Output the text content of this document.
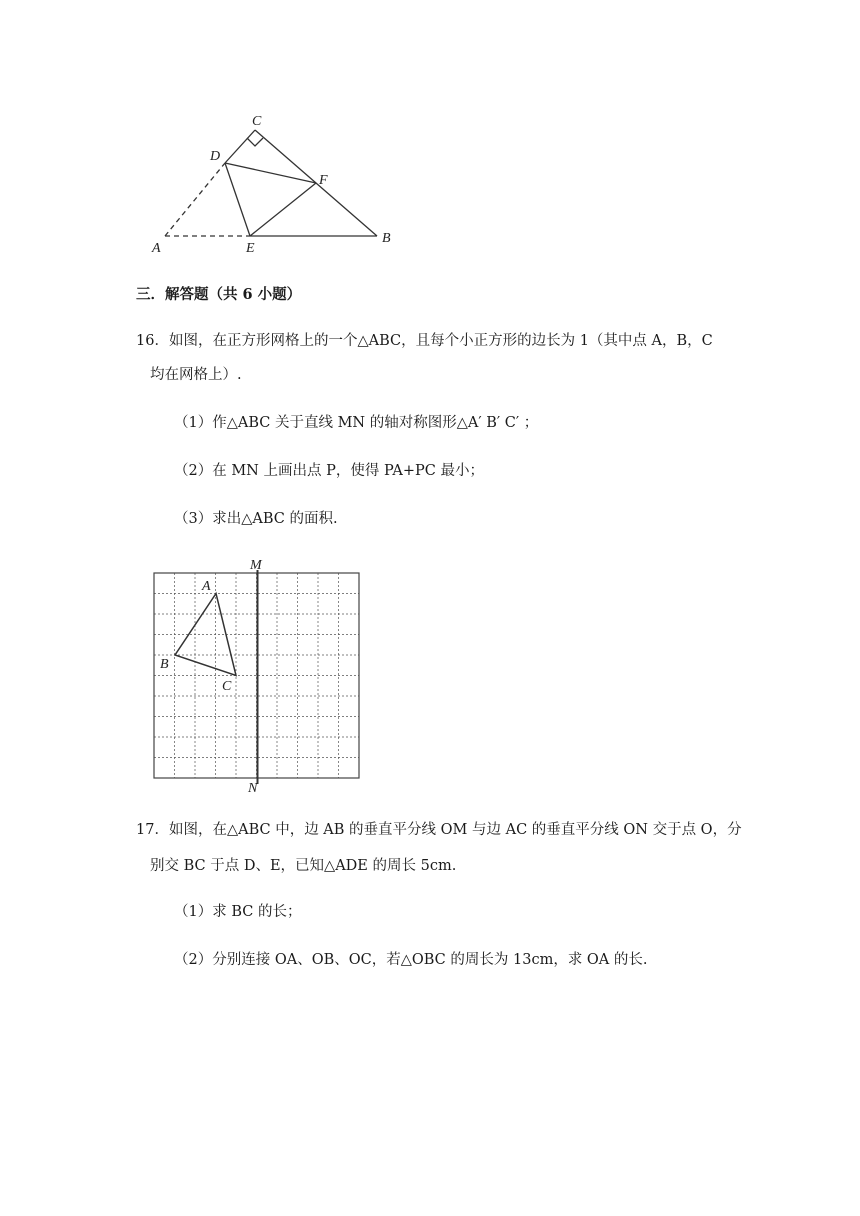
C
D
F
A	E
B
三．解答题（共 6 小题）
16．如图，在正方形网格上的一个△ABC，且每个小正方形的边长为 1（其中点 A，B，C
均在网格上）.
（1）作△ABC 关于直线 MN 的轴对称图形△A′ B′ C′ ；
（2）在 MN 上画出点 P，使得 PA+PC 最小；
（3）求出△ABC 的面积.
M
N
A
B
C
17．如图，在△ABC 中，边 AB 的垂直平分线 OM 与边 AC 的垂直平分线 ON 交于点 O，分
别交 BC 于点 D、E，已知△ADE 的周长 5cm.
（1）求 BC 的长；
（2）分别连接 OA、OB、OC，若△OBC 的周长为 13cm，求 OA 的长.
